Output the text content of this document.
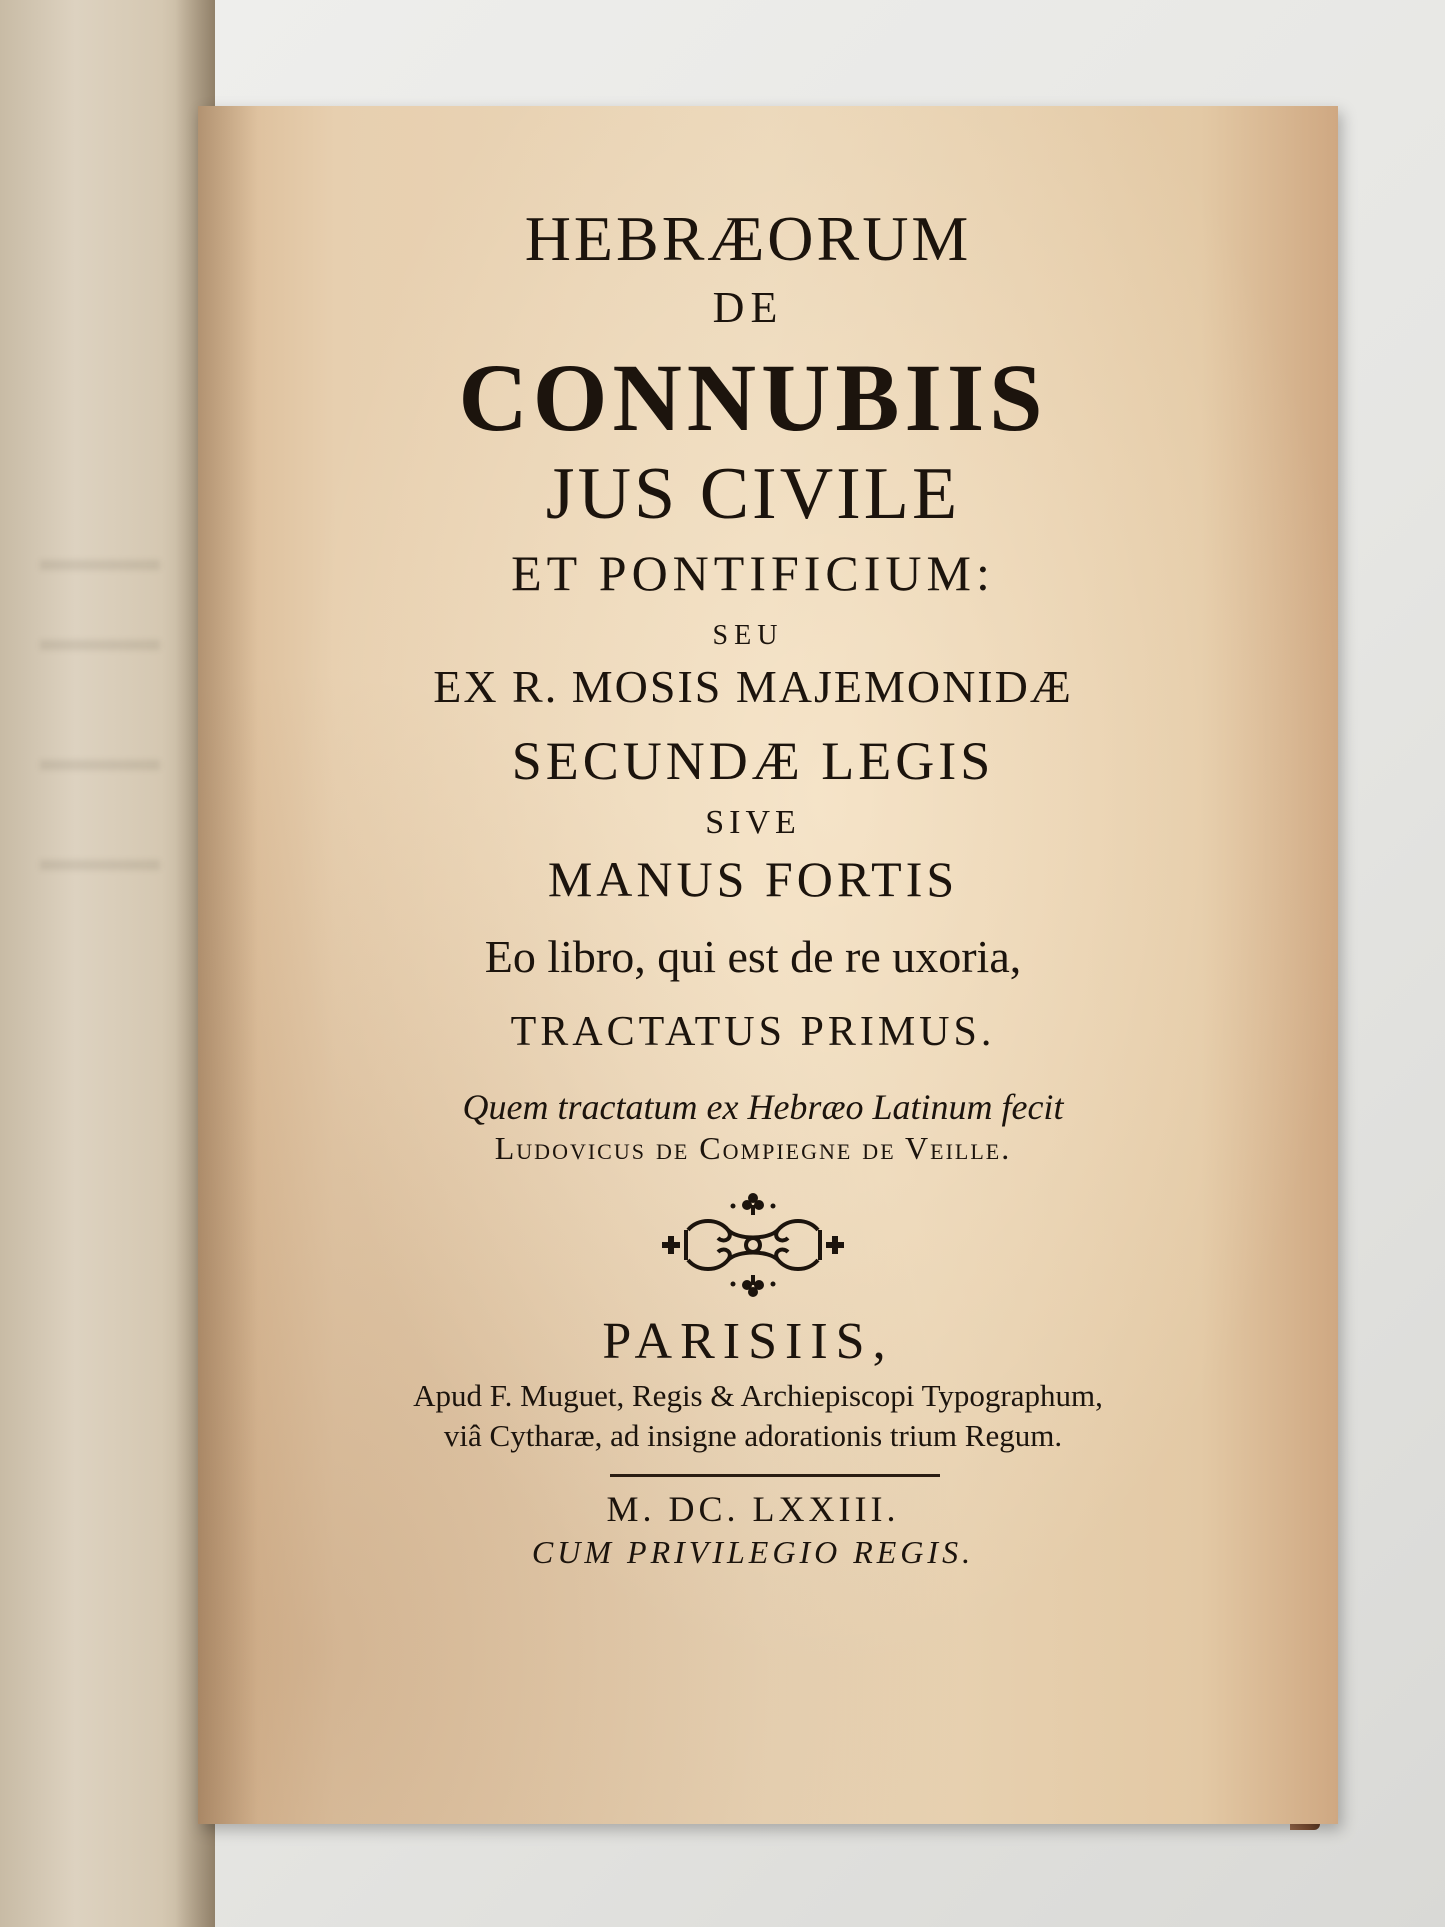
HEBRÆORUM
DE
CONNUBIIS
JUS CIVILE
ET PONTIFICIUM:
SEU
EX R. MOSIS MAJEMONIDÆ
SECUNDÆ LEGIS
SIVE
MANUS FORTIS
Eo libro, qui est de re uxoria,
TRACTATUS PRIMUS.
Quem tractatum ex Hebræo Latinum fecit
Ludovicus de Compiegne de Veille.
PARISIIS,
Apud F. Muguet, Regis & Archiepiscopi Typographum,
viâ Cytharæ, ad insigne adorationis trium Regum.
M. DC. LXXIII.
CUM PRIVILEGIO REGIS.
